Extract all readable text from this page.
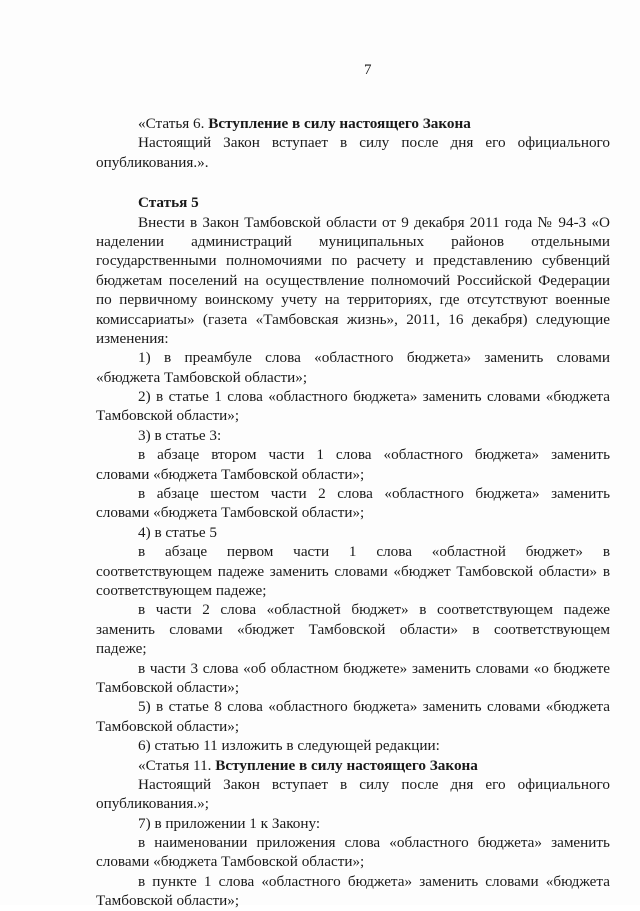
7
«Статья 6. Вступление в силу настоящего Закона
Настоящий Закон вступает в силу после дня его официального
опубликования.».
Статья 5
Внести в Закон Тамбовской области от 9 декабря 2011 года № 94-З «О
наделении администраций муниципальных районов отдельными
государственными полномочиями по расчету и представлению субвенций
бюджетам поселений на осуществление полномочий Российской Федерации
по первичному воинскому учету на территориях, где отсутствуют военные
комиссариаты» (газета «Тамбовская жизнь», 2011, 16 декабря) следующие
изменения:
1) в преамбуле слова «областного бюджета» заменить словами
«бюджета Тамбовской области»;
2) в статье 1 слова «областного бюджета» заменить словами «бюджета
Тамбовской области»;
3) в статье 3:
в абзаце втором части 1 слова «областного бюджета» заменить
словами «бюджета Тамбовской области»;
в абзаце шестом части 2 слова «областного бюджета» заменить
словами «бюджета Тамбовской области»;
4) в статье 5
в абзаце первом части 1 слова «областной бюджет» в
соответствующем падеже заменить словами «бюджет Тамбовской области» в
соответствующем падеже;
в части 2 слова «областной бюджет» в соответствующем падеже
заменить словами «бюджет Тамбовской области» в соответствующем
падеже;
в части 3 слова «об областном бюджете» заменить словами «о бюджете
Тамбовской области»;
5) в статье 8 слова «областного бюджета» заменить словами «бюджета
Тамбовской области»;
6) статью 11 изложить в следующей редакции:
«Статья 11. Вступление в силу настоящего Закона
Настоящий Закон вступает в силу после дня его официального
опубликования.»;
7) в приложении 1 к Закону:
в наименовании приложения слова «областного бюджета» заменить
словами «бюджета Тамбовской области»;
в пункте 1 слова «областного бюджета» заменить словами «бюджета
Тамбовской области»;
